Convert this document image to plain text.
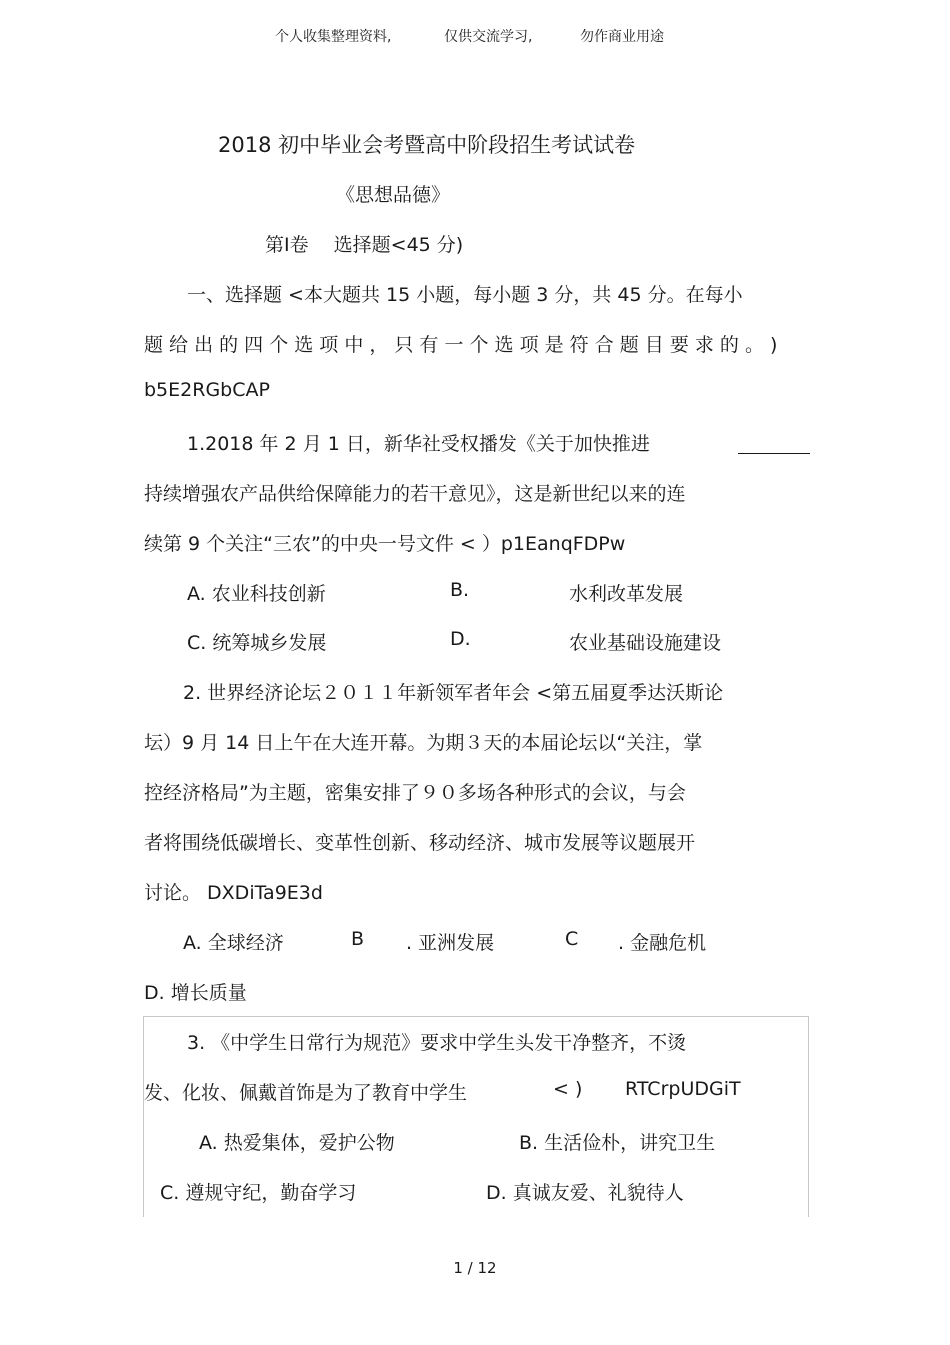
个人收集整理资料,	仅供交流学习,	勿作商业用途
2018 初中毕业会考暨高中阶段招生考试试卷
《思想品德》
第Ⅰ卷　 选择题<45 分)
一、选择题 <本大题共 15 小题，每小题 3 分，共 45 分。在每小
题 给 出 的 四 个 选 项 中 ， 只 有 一 个 选 项 是 符 合 题 目 要 求 的 。 )
b5E2RGbCAP
1.2018 年 2 月 1 日，新华社受权播发《关于加快推进
持续增强农产品供给保障能力的若干意见》，这是新世纪以来的连
续第 9 个关注“三农”的中央一号文件 < ）p1EanqFDPw
A. 农业科技创新	B.	水利改革发展
C. 统筹城乡发展	D.	农业基础设施建设
2. 世界经济论坛２０１１年新领军者年会 <第五届夏季达沃斯论
坛）9 月 14 日上午在大连开幕。为期３天的本届论坛以“关注，掌
控经济格局”为主题，密集安排了９０多场各种形式的会议，与会
者将围绕低碳增长、变革性创新、移动经济、城市发展等议题展开
讨论。 DXDiTa9E3d
A. 全球经济	B . 亚洲发展	C . 金融危机
D. 增长质量
3. 《中学生日常行为规范》要求中学生头发干净整齐，不烫
发、化妆、佩戴首饰是为了教育中学生	< ) RTCrpUDGiT
A. 热爱集体，爱护公物	B. 生活俭朴，讲究卫生
C. 遵规守纪，勤奋学习	D. 真诚友爱、礼貌待人
1 / 12
